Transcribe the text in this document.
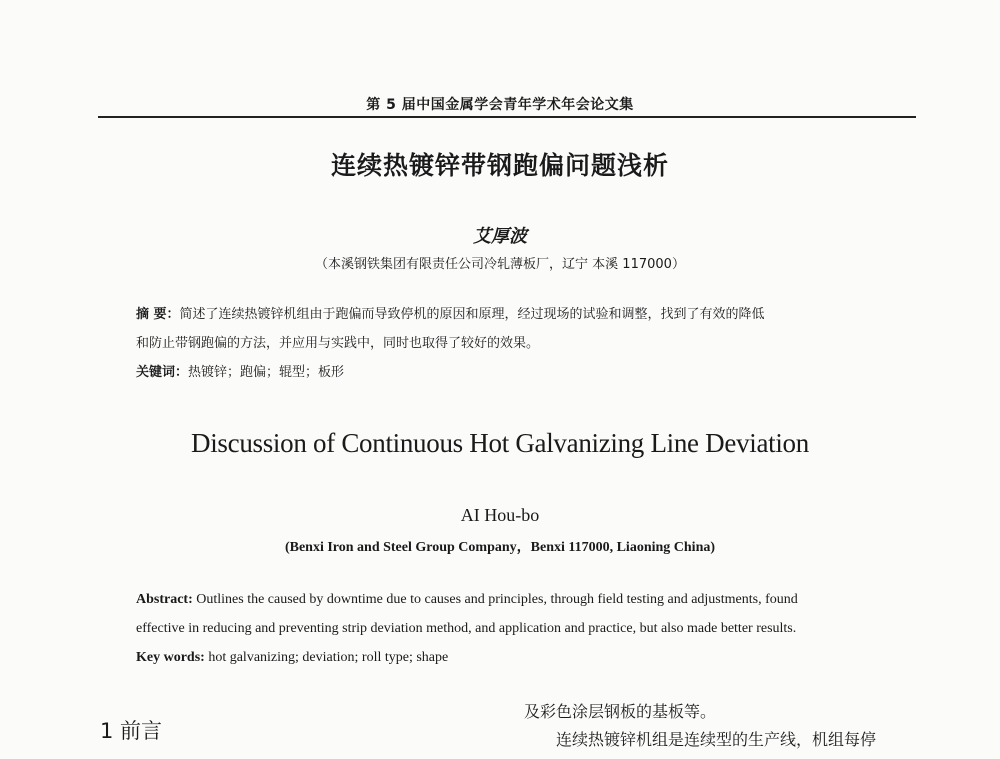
第 5 届中国金属学会青年学术年会论文集
连续热镀锌带钢跑偏问题浅析
艾厚波
（本溪钢铁集团有限责任公司冷轧薄板厂，辽宁 本溪 117000）
摘 要：简述了连续热镀锌机组由于跑偏而导致停机的原因和原理，经过现场的试验和调整，找到了有效的降低
和防止带钢跑偏的方法，并应用与实践中，同时也取得了较好的效果。
关键词：热镀锌；跑偏；辊型；板形
Discussion of Continuous Hot Galvanizing Line Deviation
AI Hou-bo
(Benxi Iron and Steel Group Company，Benxi 117000, Liaoning China)
Abstract: Outlines the caused by downtime due to causes and principles, through field testing and adjustments, found
effective in reducing and preventing strip deviation method, and application and practice, but also made better results.
Key words: hot galvanizing; deviation; roll type; shape
1 前言
及彩色涂层钢板的基板等。
连续热镀锌机组是连续型的生产线，机组每停
